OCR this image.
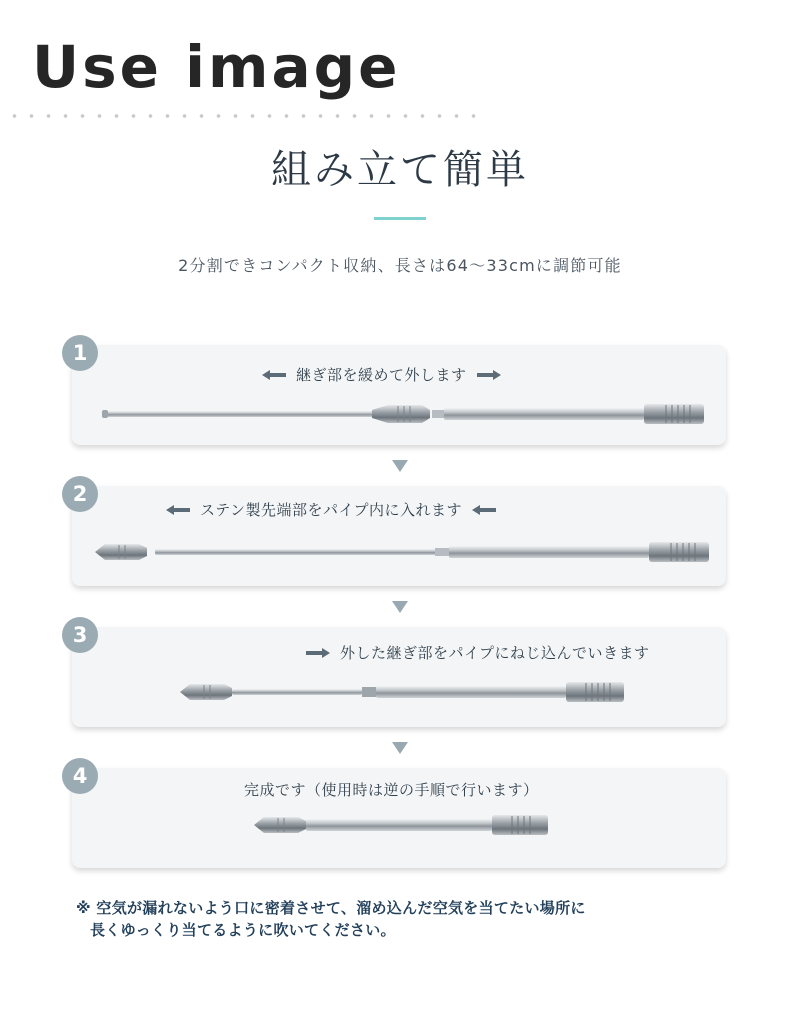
Use image
組み立て簡単
2分割できコンパクト収納、長さは64〜33cmに調節可能
1
継ぎ部を緩めて外します
2
ステン製先端部をパイプ内に入れます
3
外した継ぎ部をパイプにねじ込んでいきます
4
完成です（使用時は逆の手順で行います）
※ 空気が漏れないよう口に密着させて、溜め込んだ空気を当てたい場所に
長くゆっくり当てるように吹いてください。
